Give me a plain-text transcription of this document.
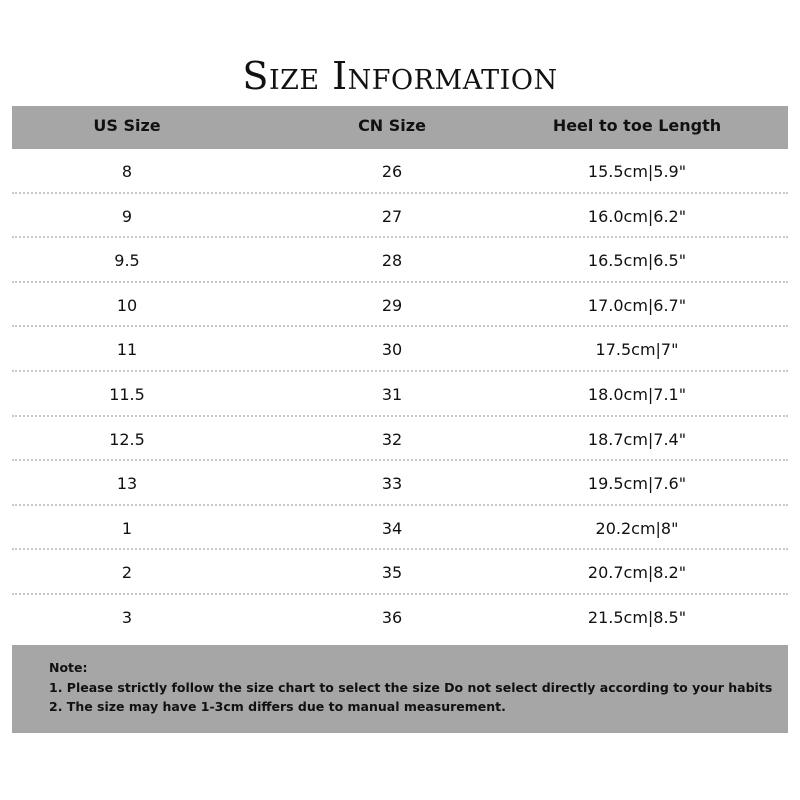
Size Information
US Size	CN Size	Heel to toe Length
8	26	15.5cm|5.9"
9	27	16.0cm|6.2"
9.5	28	16.5cm|6.5"
10	29	17.0cm|6.7"
11	30	17.5cm|7"
11.5	31	18.0cm|7.1"
12.5	32	18.7cm|7.4"
13	33	19.5cm|7.6"
1	34	20.2cm|8"
2	35	20.7cm|8.2"
3	36	21.5cm|8.5"
Note:
1. Please strictly follow the size chart to select the size Do not select directly according to your habits
2. The size may have 1-3cm differs due to manual measurement.
